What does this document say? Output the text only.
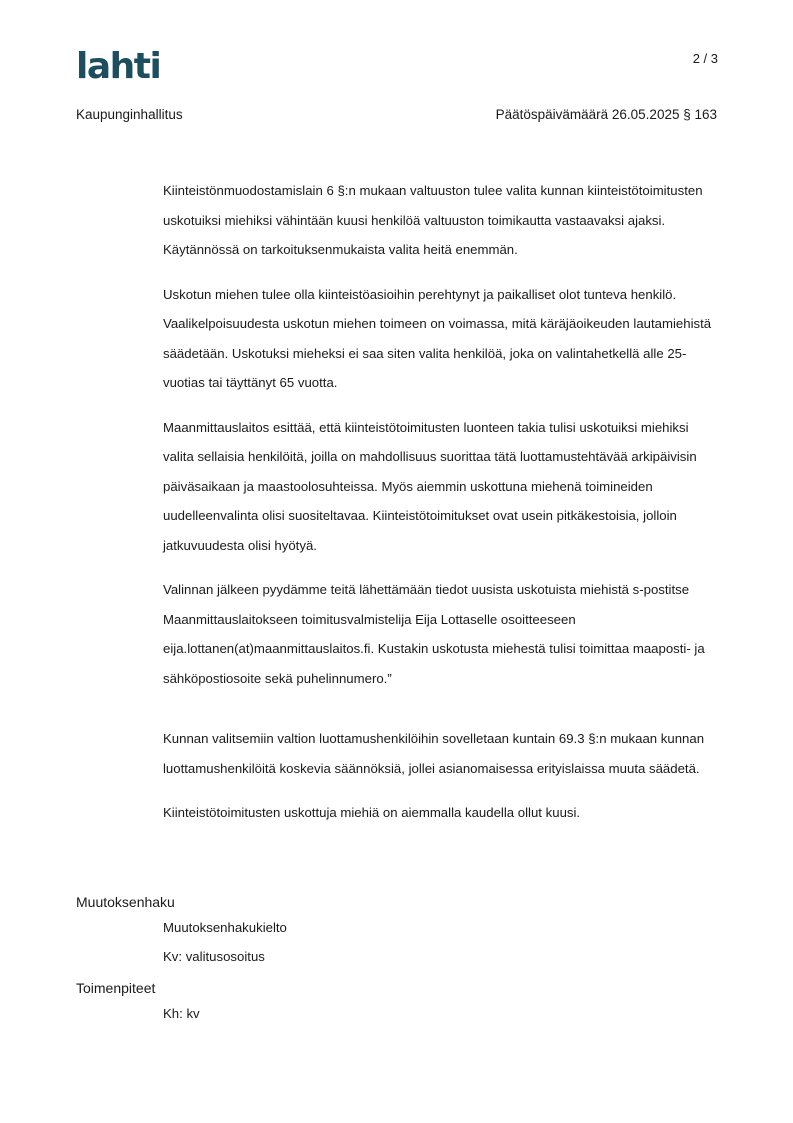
lahti	2 / 3
Kaupunginhallitus	Päätöspäivämäärä 26.05.2025 § 163

Kiinteistönmuodostamislain 6 §:n mukaan valtuuston tulee valita kunnan kiinteistötoimitusten uskotuiksi miehiksi vähintään kuusi henkilöä valtuuston toimikautta vastaavaksi ajaksi. Käytännössä on tarkoituksenmukaista valita heitä enemmän.

Uskotun miehen tulee olla kiinteistöasioihin perehtynyt ja paikalliset olot tunteva henkilö. Vaalikelpoisuudesta uskotun miehen toimeen on voimassa, mitä käräjäoikeuden lautamiehistä säädetään. Uskotuksi mieheksi ei saa siten valita henkilöä, joka on valintahetkellä alle 25-vuotias tai täyttänyt 65 vuotta.

Maanmittauslaitos esittää, että kiinteistötoimitusten luonteen takia tulisi uskotuiksi miehiksi valita sellaisia henkilöitä, joilla on mahdollisuus suorittaa tätä luottamustehtävää arkipäivisin päiväsaikaan ja maastoolosuhteissa. Myös aiemmin uskottuna miehenä toimineiden uudelleenvalinta olisi suositeltavaa. Kiinteistötoimitukset ovat usein pitkäkestoisia, jolloin jatkuvuudesta olisi hyötyä.

Valinnan jälkeen pyydämme teitä lähettämään tiedot uusista uskotuista miehistä s-postitse Maanmittauslaitokseen toimitusvalmistelija Eija Lottaselle osoitteeseen eija.lottanen(at)maanmittauslaitos.fi. Kustakin uskotusta miehestä tulisi toimittaa maaposti- ja sähköpostiosoite sekä puhelinnumero.”

Kunnan valitsemiin valtion luottamushenkilöihin sovelletaan kuntain 69.3 §:n mukaan kunnan luottamushenkilöitä koskevia säännöksiä, jollei asianomaisessa erityislaissa muuta säädetä.

Kiinteistötoimitusten uskottuja miehiä on aiemmalla kaudella ollut kuusi.

Muutoksenhaku
Muutoksenhakukielto
Kv: valitusosoitus
Toimenpiteet
Kh: kv
